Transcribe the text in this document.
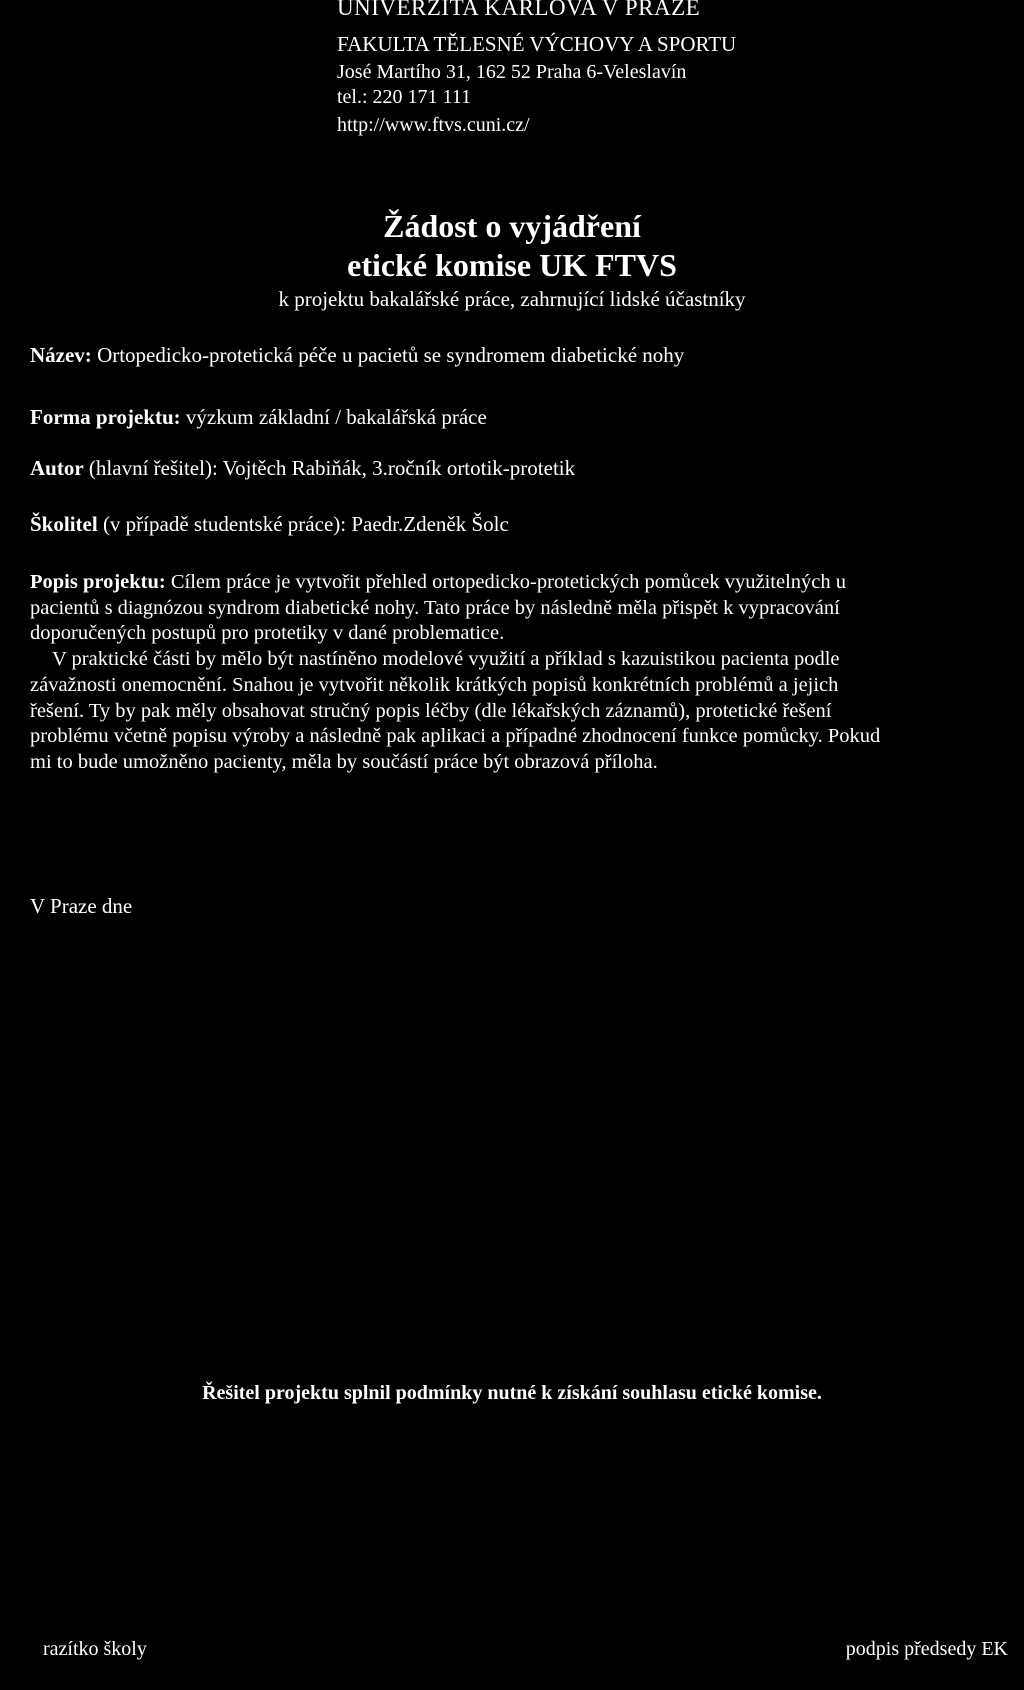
UNIVERZITA KARLOVA V PRAZE
FAKULTA TĚLESNÉ VÝCHOVY A SPORTU
José Martího 31, 162 52 Praha 6-Veleslavín
tel.: 220 171 111
http://www.ftvs.cuni.cz/
Žádost o vyjádření
etické komise UK FTVS
k projektu bakalářské práce, zahrnující lidské účastníky
Název: Ortopedicko-protetická péče u pacietů se syndromem diabetické nohy
Forma projektu: výzkum základní / bakalářská práce
Autor (hlavní řešitel): Vojtěch Rabiňák, 3.ročník ortotik-protetik
Školitel (v případě studentské práce): Paedr.Zdeněk Šolc

Popis projektu: Cílem práce je vytvořit přehled ortopedicko-protetických pomůcek využitelných u

pacientů s diagnózou syndrom diabetické nohy. Tato práce by následně měla přispět k vypracování

doporučených postupů pro protetiky v dané problematice.

V praktické části by mělo být nastíněno modelové využití a příklad s kazuistikou pacienta podle

závažnosti onemocnění. Snahou je vytvořit několik krátkých popisů konkrétních problémů a jejich

řešení. Ty by pak měly obsahovat stručný popis léčby (dle lékařských záznamů), protetické řešení

problému včetně popisu výroby a následně pak aplikaci a případné zhodnocení funkce pomůcky. Pokud

mi to bude umožněno pacienty, měla by součástí práce být obrazová příloha.

V Praze dne
Řešitel projektu splnil podmínky nutné k získání souhlasu etické komise.
razítko školy	podpis předsedy EK
